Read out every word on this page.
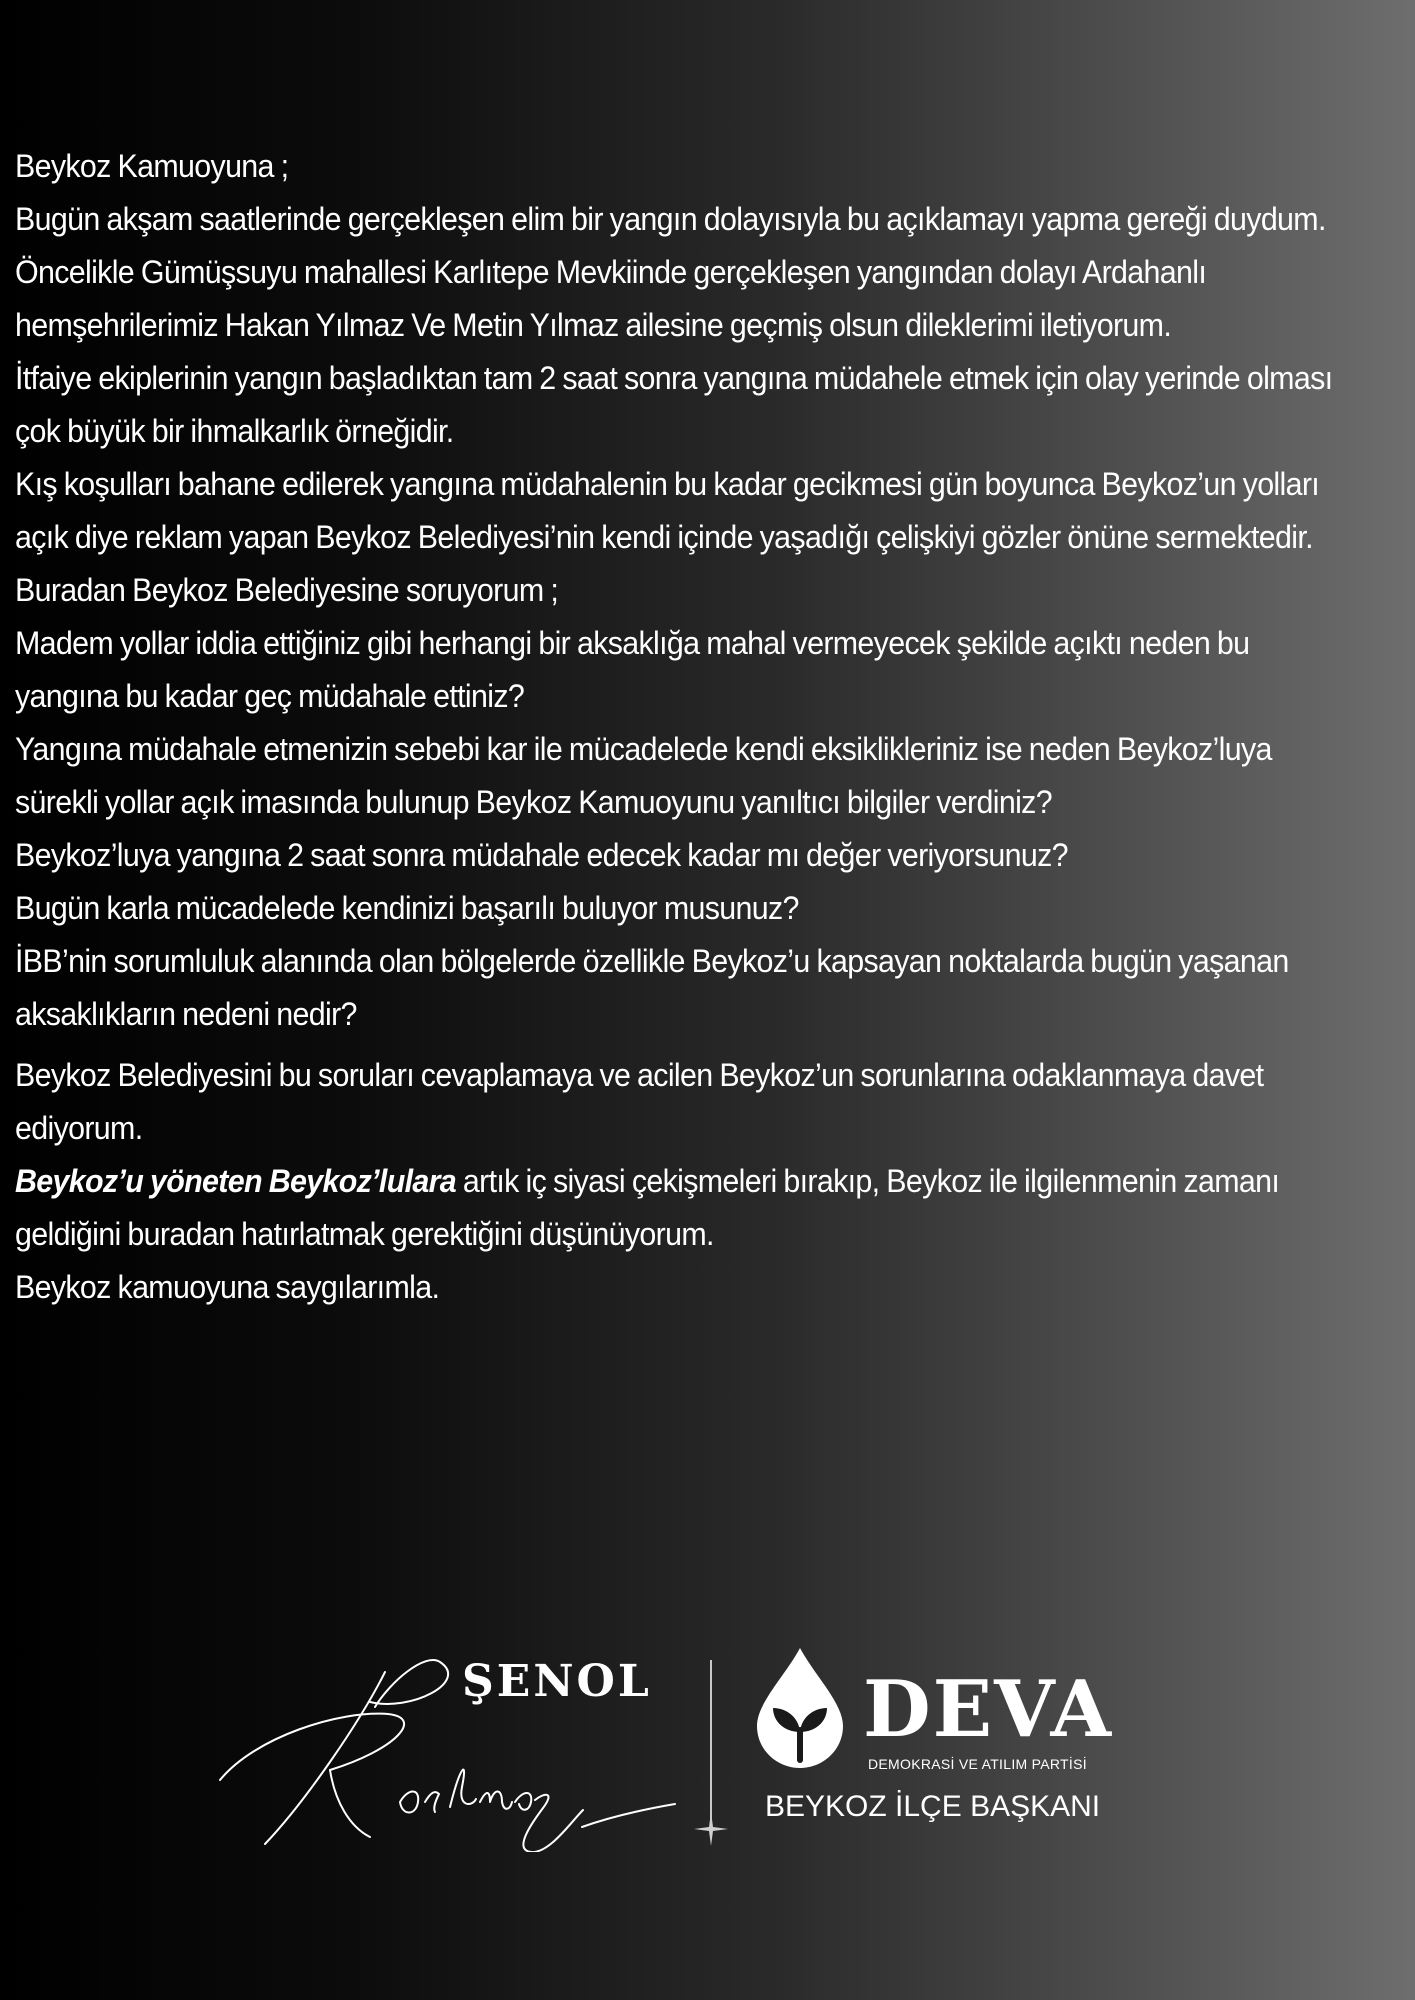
Beykoz Kamuoyuna ;

Bugün akşam saatlerinde gerçekleşen elim bir yangın dolayısıyla bu açıklamayı yapma gereği duydum.

Öncelikle Gümüşsuyu mahallesi Karlıtepe Mevkiinde gerçekleşen yangından dolayı Ardahanlı hemşehrilerimiz Hakan Yılmaz Ve Metin Yılmaz ailesine geçmiş olsun dileklerimi iletiyorum.

İtfaiye ekiplerinin yangın başladıktan tam 2 saat sonra yangına müdahele etmek için olay yerinde olması çok büyük bir ihmalkarlık örneğidir.

Kış koşulları bahane edilerek yangına müdahalenin bu kadar gecikmesi gün boyunca Beykoz’un yolları açık diye reklam yapan Beykoz Belediyesi’nin kendi içinde yaşadığı çelişkiyi gözler önüne sermektedir.

Buradan Beykoz Belediyesine soruyorum ;

Madem yollar iddia ettiğiniz gibi herhangi bir aksaklığa mahal vermeyecek şekilde açıktı neden bu yangına bu kadar geç müdahale ettiniz?

Yangına müdahale etmenizin sebebi kar ile mücadelede kendi eksiklikleriniz ise neden Beykoz’luya sürekli yollar açık imasında bulunup Beykoz Kamuoyunu yanıltıcı bilgiler verdiniz?

Beykoz’luya yangına 2 saat sonra müdahale edecek kadar mı değer veriyorsunuz?

Bugün karla mücadelede kendinizi başarılı buluyor musunuz?

İBB’nin sorumluluk alanında olan bölgelerde özellikle Beykoz’u kapsayan noktalarda bugün yaşanan aksaklıkların nedeni nedir?

Beykoz Belediyesini bu soruları cevaplamaya ve acilen Beykoz’un sorunlarına odaklanmaya davet ediyorum.

Beykoz’u yöneten Beykoz’lulara artık iç siyasi çekişmeleri bırakıp, Beykoz ile ilgilenmenin zamanı geldiğini buradan hatırlatmak gerektiğini düşünüyorum.

Beykoz kamuoyuna saygılarımla.

ŞENOL	DEVA

DEMOKRASİ VE ATILIM PARTİSİ

BEYKOZ İLÇE BAŞKANI
